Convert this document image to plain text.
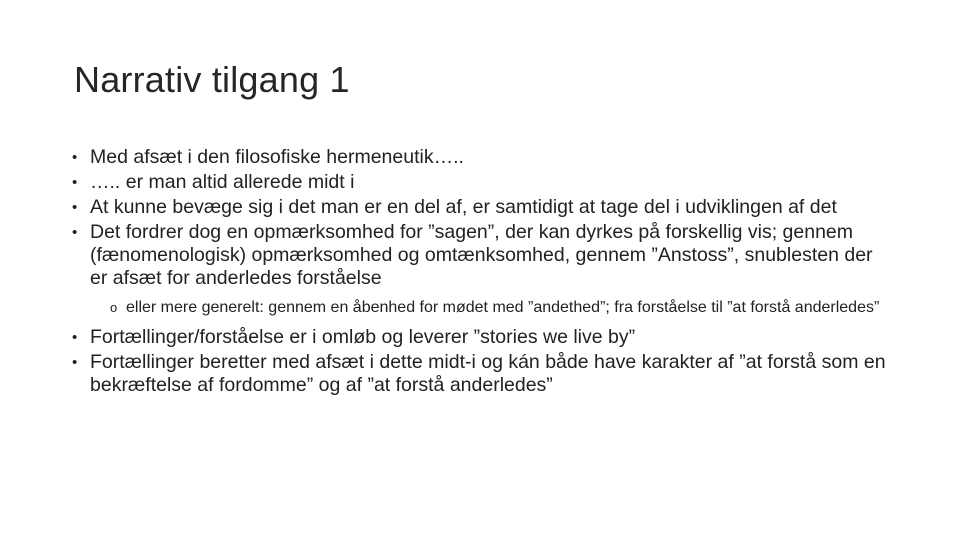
Narrativ tilgang 1
• Med afsæt i den filosofiske hermeneutik…..
• ….. er man altid allerede midt i
• At kunne bevæge sig i det man er en del af, er samtidigt at tage del i udviklingen af det
• Det fordrer dog en opmærksomhed for ”sagen”, der kan dyrkes på forskellig vis; gennem (fænomenologisk) opmærksomhed og omtænksomhed, gennem ”Anstoss”, snublesten der er afsæt for anderledes forståelse
o eller mere generelt: gennem en åbenhed for mødet med ”andethed”; fra forståelse til ”at forstå anderledes”
• Fortællinger/forståelse er i omløb og leverer ”stories we live by”
• Fortællinger beretter med afsæt i dette midt-i og kán både have karakter af ”at forstå som en bekræftelse af fordomme” og af ”at forstå anderledes”
